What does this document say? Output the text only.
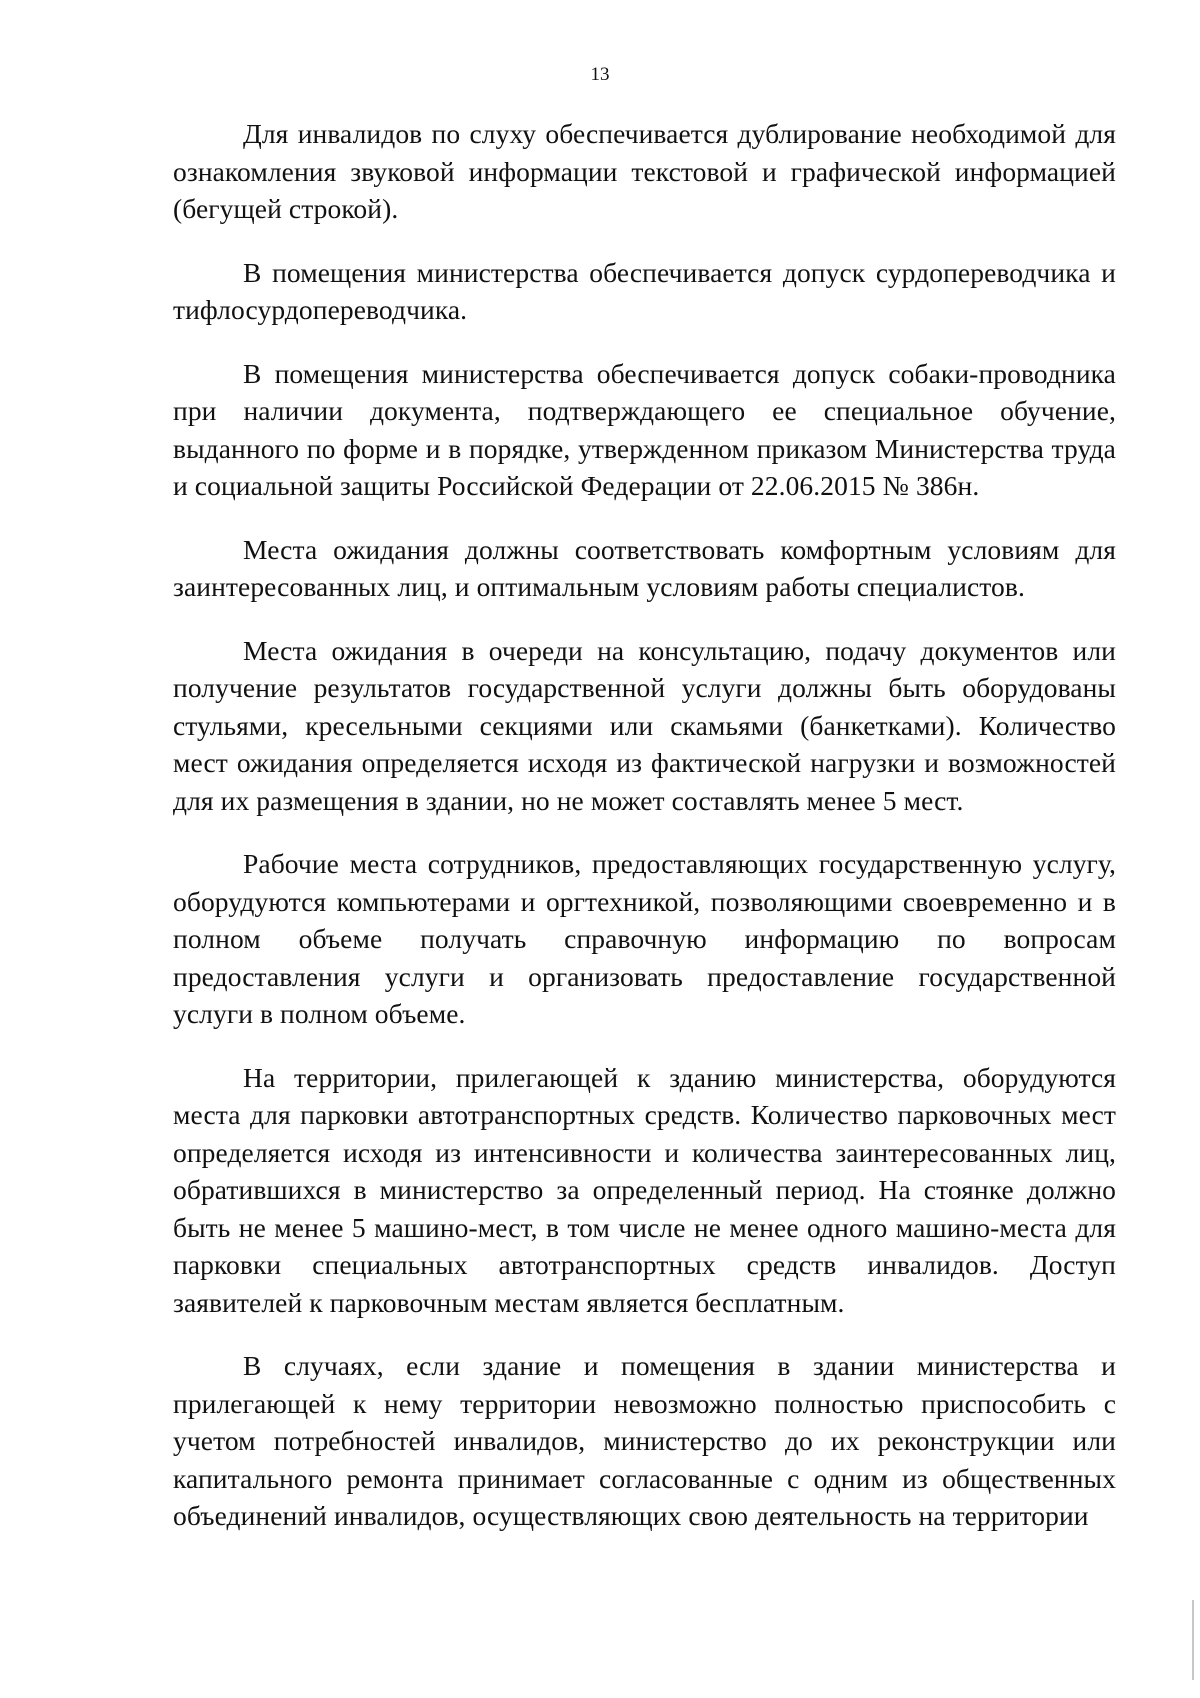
13

Для инвалидов по слуху обеспечивается дублирование необходимой для ознакомления звуковой информации текстовой и графической информацией (бегущей строкой).

В помещения министерства обеспечивается допуск сурдопереводчика и тифлосурдопереводчика.

В помещения министерства обеспечивается допуск собаки-проводника при наличии документа, подтверждающего ее специальное обучение, выданного по форме и в порядке, утвержденном приказом Министерства труда и социальной защиты Российской Федерации от 22.06.2015 № 386н.

Места ожидания должны соответствовать комфортным условиям для заинтересованных лиц, и оптимальным условиям работы специалистов.

Места ожидания в очереди на консультацию, подачу документов или получение результатов государственной услуги должны быть оборудованы стульями, кресельными секциями или скамьями (банкетками). Количество мест ожидания определяется исходя из фактической нагрузки и возможностей для их размещения в здании, но не может составлять менее 5 мест.

Рабочие места сотрудников, предоставляющих государственную услугу, оборудуются компьютерами и оргтехникой, позволяющими своевременно и в полном объеме получать справочную информацию по вопросам предоставления услуги и организовать предоставление государственной услуги в полном объеме.

На территории, прилегающей к зданию министерства, оборудуются места для парковки автотранспортных средств. Количество парковочных мест определяется исходя из интенсивности и количества заинтересованных лиц, обратившихся в министерство за определенный период. На стоянке должно быть не менее 5 машино-мест, в том числе не менее одного машино-места для парковки специальных автотранспортных средств инвалидов. Доступ заявителей к парковочным местам является бесплатным.

В случаях, если здание и помещения в здании министерства и прилегающей к нему территории невозможно полностью приспособить с учетом потребностей инвалидов, министерство до их реконструкции или капитального ремонта принимает согласованные с одним из общественных объединений инвалидов, осуществляющих свою деятельность на территории
